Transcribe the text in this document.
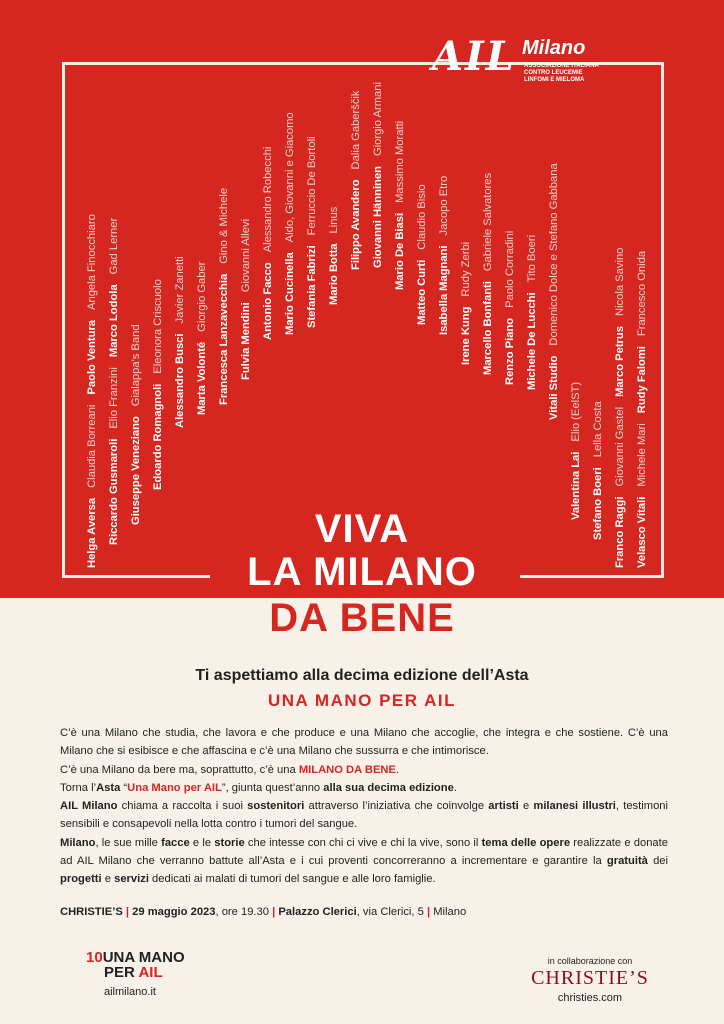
AIL Milano
ASSOCIAZIONE ITALIANA
CONTRO LEUCEMIE
LINFOMI E MIELOMA
Helga AversaClaudia BorreaniPaolo VenturaAngela Finocchiaro
Riccardo GusmaroliElio FranziniMarco LodolaGad Lerner
Giuseppe VenezianoGialappa's Band
Edoardo RomagnoliEleonora Criscuolo
Alessandro BusciJavier Zanetti
Marta VolontéGiorgio Gaber Francesca LanzavecchiaGino & Michele
Fulvia MendiniGiovanni Allevi
Antonio FaccoAlessandro Robecchi
Mario CucinellaAldo, Giovanni e Giacomo
Stefania FabriziFerruccio De Bortoli
Mario BottaLinus Filippo AvanderoDalia Gaberščik
Giovanni HänninenGiorgio Armani
Mario De BiasiMassimo Moratti
Matteo CurtiClaudio Bisio
Isabella MagnaniJacopo Etro
Irene KungRudy Zerbi
Marcello BonfantiGabriele Salvatores
Renzo PianoPaolo Corradini
Michele De LucchiTito Boeri
Vitali StudioDomenico Dolce e Stefano Gabbana
Valentina LaiElio (EelST)
Stefano BoeriLella Costa
Franco RaggiGiovanni GastelMarco PetrusNicola Savino
Velasco VitaliMichele MariRudy FalomiFrancesco Onida
VIVA
LA MILANO
DA BENE
Ti aspettiamo alla decima edizione dell’Asta
UNA MANO PER AIL

C’è una Milano che studia, che lavora e che produce e una Milano che accoglie, che integra e che sostiene. C’è una Milano che si esibisce e che affascina e c’è una Milano che sussurra e che intimorisce.

C’è una Milano da bere ma, soprattutto, c’è una MILANO DA BENE.

Torna l’Asta “Una Mano per AIL”, giunta quest’anno alla sua decima edizione.

AIL Milano chiama a raccolta i suoi sostenitori attraverso l’iniziativa che coinvolge artisti e milanesi illustri, testimoni sensibili e consapevoli nella lotta contro i tumori del sangue.

Milano, le sue mille facce e le storie che intesse con chi ci vive e chi la vive, sono il tema delle opere realizzate e donate ad AIL Milano che verranno battute all’Asta e i cui proventi concorreranno a incrementare e garantire la gratuità dei progetti e servizi dedicati ai malati di tumori del sangue e alle loro famiglie.

CHRISTIE’S | 29 maggio 2023, ore 19.30 | Palazzo Clerici, via Clerici, 5 | Milano
10UNA MANO
PER AIL
ailmilano.it
in collaborazione con
CHRISTIE’S
christies.com
